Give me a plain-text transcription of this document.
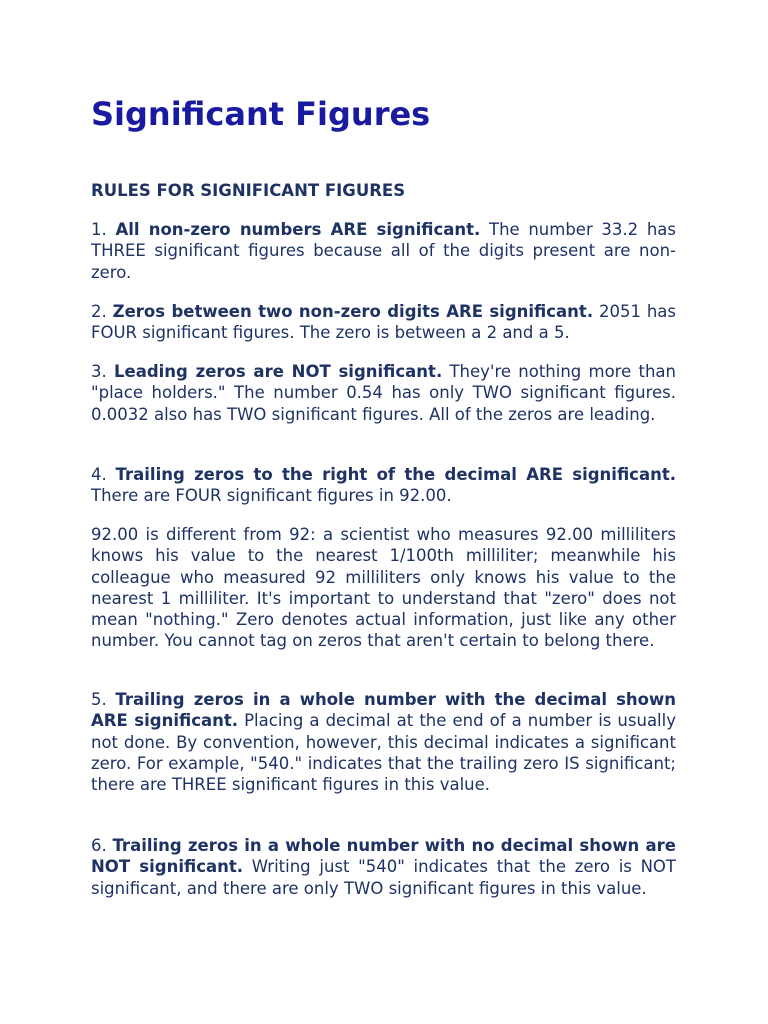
Significant Figures
RULES FOR SIGNIFICANT FIGURES

1. All non-zero numbers ARE significant. The number 33.2 has THREE significant figures because all of the digits present are non-zero.

2. Zeros between two non-zero digits ARE significant. 2051 has FOUR significant figures. The zero is between a 2 and a 5.

3. Leading zeros are NOT significant. They're nothing more than "place holders." The number 0.54 has only TWO significant figures. 0.0032 also has TWO significant figures. All of the zeros are leading.

4. Trailing zeros to the right of the decimal ARE significant. There are FOUR significant figures in 92.00.

92.00 is different from 92: a scientist who measures 92.00 milliliters knows his value to the nearest 1/100th milliliter; meanwhile his colleague who measured 92 milliliters only knows his value to the nearest 1 milliliter. It's important to understand that "zero" does not mean "nothing." Zero denotes actual information, just like any other number. You cannot tag on zeros that aren't certain to belong there.

5. Trailing zeros in a whole number with the decimal shown ARE significant. Placing a decimal at the end of a number is usually not done. By convention, however, this decimal indicates a significant zero. For example, "540." indicates that the trailing zero IS significant; there are THREE significant figures in this value.

6. Trailing zeros in a whole number with no decimal shown are NOT significant. Writing just "540" indicates that the zero is NOT significant, and there are only TWO significant figures in this value.
